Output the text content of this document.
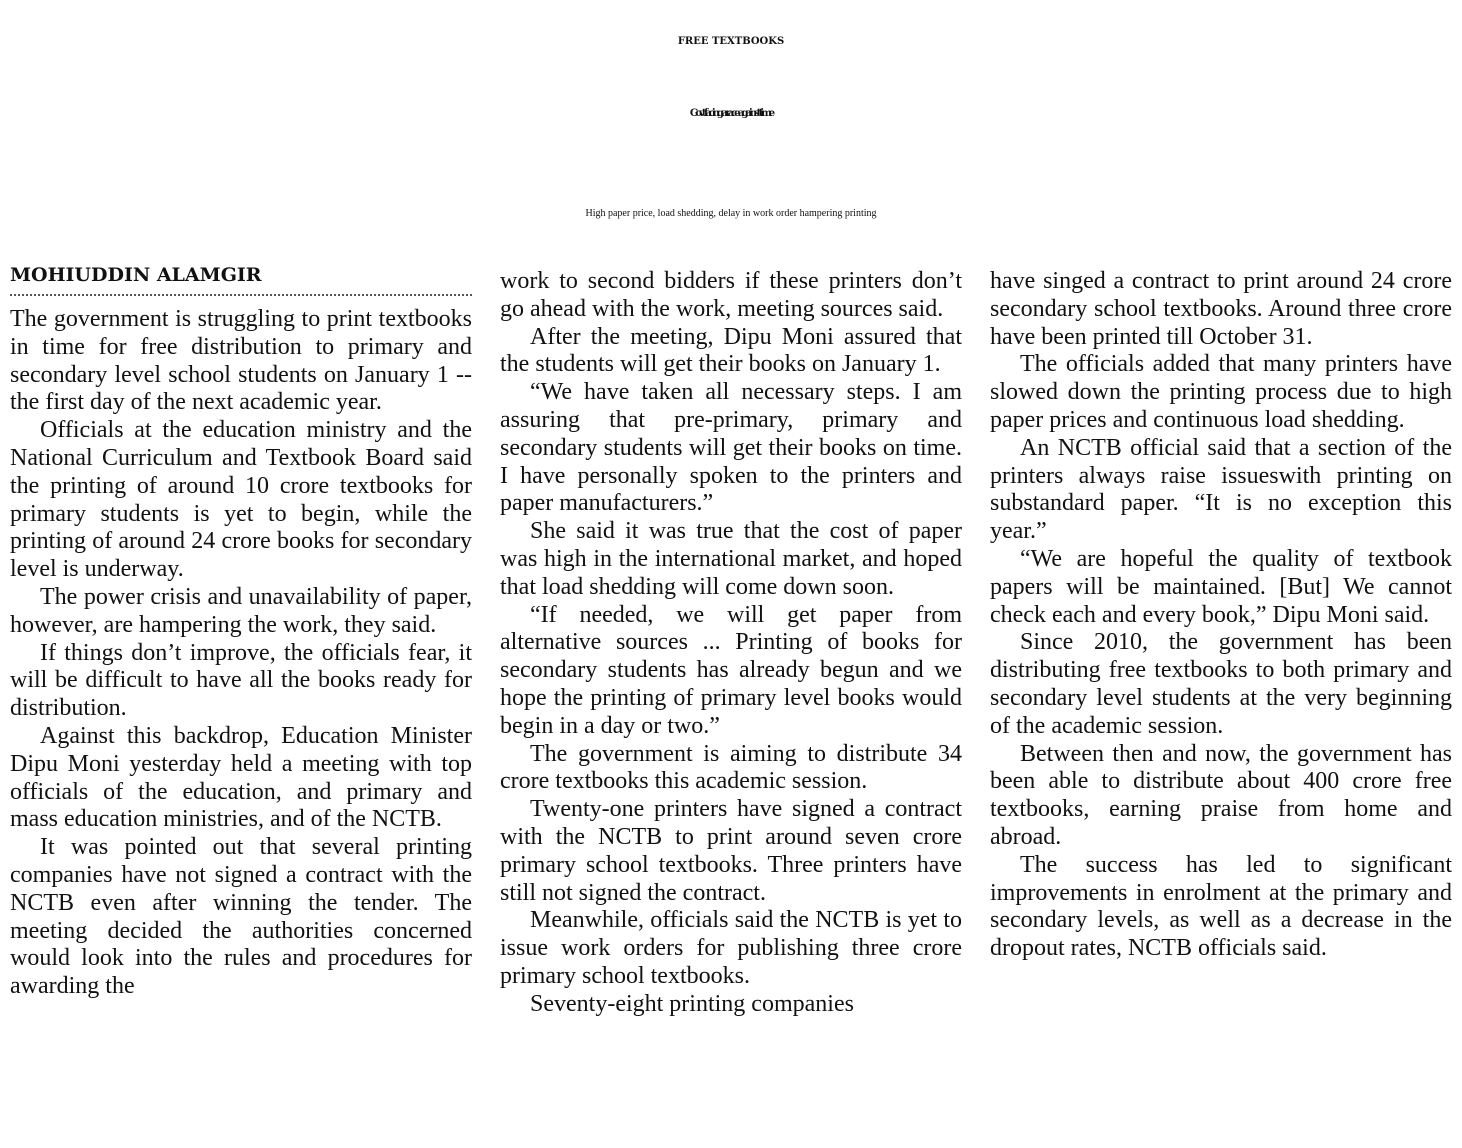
FREE TEXTBOOKS
Govt facing a race against time
High paper price, load shedding, delay in work order hampering printing
MOHIUDDIN ALAMGIR

The government is struggling to print textbooks in time for free distribution to primary and secondary level school students on January 1 -- the first day of the next academic year.

Officials at the education ministry and the National Curriculum and Textbook Board said the printing of around 10 crore textbooks for primary students is yet to begin, while the printing of around 24 crore books for secondary level is underway.

The power crisis and unavailability of paper, however, are hampering the work, they said.

If things don’t improve, the officials fear, it will be difficult to have all the books ready for distribution.

Against this backdrop, Education Minister Dipu Moni yesterday held a meeting with top officials of the education, and primary and mass education ministries, and of the NCTB.

It was pointed out that several printing companies have not signed a contract with the NCTB even after winning the tender. The meeting decided the authorities concerned would look into the rules and procedures for awarding the

work to second bidders if these printers don’t go ahead with the work, meeting sources said.

After the meeting, Dipu Moni assured that the students will get their books on January 1.

“We have taken all necessary steps. I am assuring that pre-primary, primary and secondary students will get their books on time. I have personally spoken to the printers and paper manufacturers.”

She said it was true that the cost of paper was high in the international market, and hoped that load shedding will come down soon.

“If needed, we will get paper from alternative sources ... Printing of books for secondary students has already begun and we hope the printing of primary level books would begin in a day or two.”

The government is aiming to distribute 34 crore textbooks this academic session.

Twenty-one printers have signed a contract with the NCTB to print around seven crore primary school textbooks. Three printers have still not signed the contract.

Meanwhile, officials said the NCTB is yet to issue work orders for publishing three crore primary school textbooks.

Seventy-eight printing companies

have singed a contract to print around 24 crore secondary school textbooks. Around three crore have been printed till October 31.

The officials added that many printers have slowed down the printing process due to high paper prices and continuous load shedding.

An NCTB official said that a section of the printers always raise issueswith printing on substandard paper. “It is no exception this year.”

“We are hopeful the quality of textbook papers will be maintained. [But] We cannot check each and every book,” Dipu Moni said.

Since 2010, the government has been distributing free textbooks to both primary and secondary level students at the very beginning of the academic session.

Between then and now, the government has been able to distribute about 400 crore free textbooks, earning praise from home and abroad.

The success has led to significant improvements in enrolment at the primary and secondary levels, as well as a decrease in the dropout rates, NCTB officials said.
